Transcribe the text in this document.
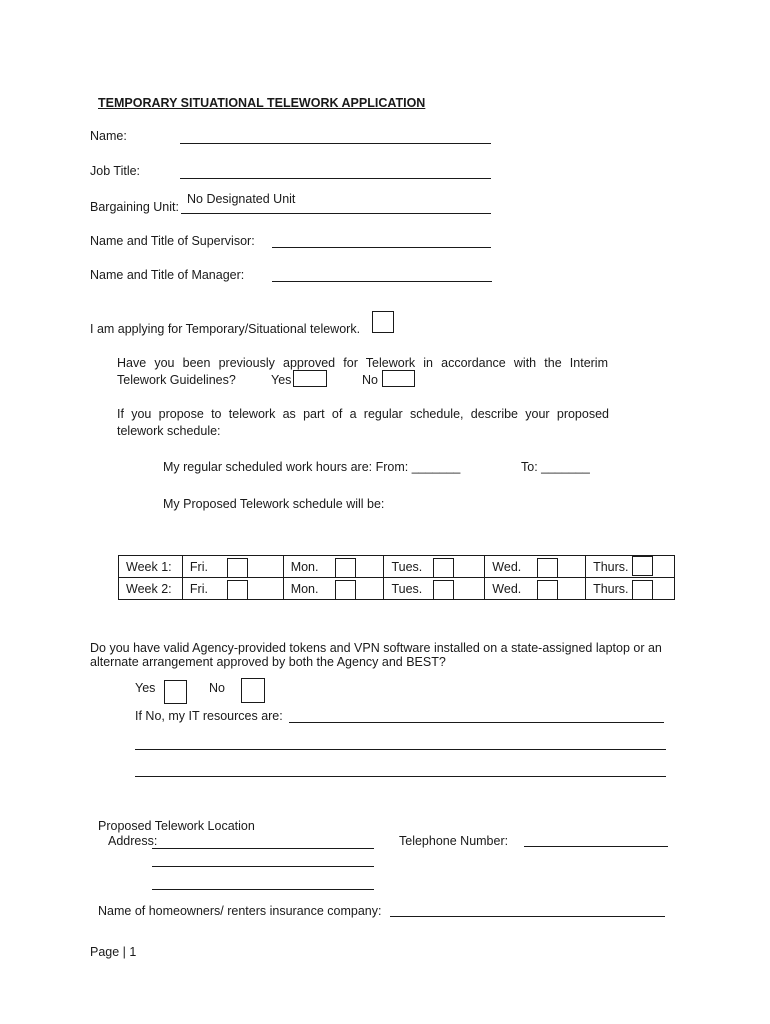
TEMPORARY SITUATIONAL TELEWORK APPLICATION
Name:
Job Title:
Bargaining Unit:
No Designated Unit
Name and Title of Supervisor:
Name and Title of Manager:
I am applying for Temporary/Situational telework.
Have you been previously approved for Telework in accordance with the Interim
Telework Guidelines?	Yes	No
If you propose to telework as part of a regular schedule, describe your proposed
telework schedule:
My regular scheduled work hours are: From: _______	To: _______
My Proposed Telework schedule will be:
Week 1:	Fri.	Mon.	Tues.	Wed.	Thurs.

Week 2:	Fri.	Mon.	Tues.	Wed.	Thurs.
Do you have valid Agency-provided tokens and VPN software installed on a state-assigned laptop or an
alternate arrangement approved by both the Agency and BEST?
Yes	No
If No, my IT resources are:
Proposed Telework Location
Address:	Telephone Number:
Name of homeowners/ renters insurance company:
Page | 1
